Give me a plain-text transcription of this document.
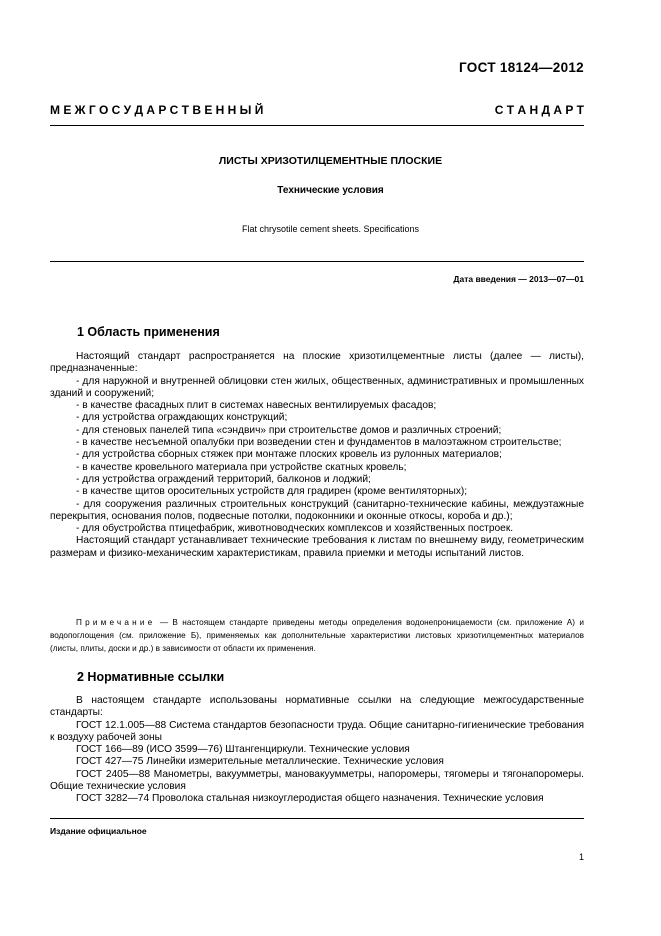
ГОСТ 18124—2012
М Е Ж Г О С У Д А Р С Т В Е Н Н Ы Й	С Т А Н Д А Р Т
ЛИСТЫ ХРИЗОТИЛЦЕМЕНТНЫЕ ПЛОСКИЕ
Технические условия
Flat chrysotile cement sheets. Specifications
Дата введения — 2013—07—01
1 Область применения

Настоящий стандарт распространяется на плоские хризотилцементные листы (далее — листы), предназначенные:

- для наружной и внутренней облицовки стен жилых, общественных, административных и промышленных зданий и сооружений;

- в качестве фасадных плит в системах навесных вентилируемых фасадов;

- для устройства ограждающих конструкций;

- для стеновых панелей типа «сэндвич» при строительстве домов и различных строений;

- в качестве несъемной опалубки при возведении стен и фундаментов в малоэтажном строительстве;

- для устройства сборных стяжек при монтаже плоских кровель из рулонных материалов;

- в качестве кровельного материала при устройстве скатных кровель;

- для устройства ограждений территорий, балконов и лоджий;

- в качестве щитов оросительных устройств для градирен (кроме вентиляторных);

- для сооружения различных строительных конструкций (санитарно-технические кабины, междуэтажные перекрытия, основания полов, подвесные потолки, подоконники и оконные откосы, короба и др.);

- для обустройства птицефабрик, животноводческих комплексов и хозяйственных построек.

Настоящий стандарт устанавливает технические требования к листам по внешнему виду, геометрическим размерам и физико-механическим характеристикам, правила приемки и методы испытаний листов.

Примечание — В настоящем стандарте приведены методы определения водонепроницаемости (см. приложение А) и водопоглощения (см. приложение Б), применяемых как дополнительные характеристики листовых хризотилцементных материалов (листы, плиты, доски и др.) в зависимости от области их применения.

2 Нормативные ссылки

В настоящем стандарте использованы нормативные ссылки на следующие межгосударственные стандарты:

ГОСТ 12.1.005—88 Система стандартов безопасности труда. Общие санитарно-гигиенические требования к воздуху рабочей зоны

ГОСТ 166—89 (ИСО 3599—76) Штангенциркули. Технические условия

ГОСТ 427—75 Линейки измерительные металлические. Технические условия

ГОСТ 2405—88 Манометры, вакуумметры, мановакуумметры, напоромеры, тягомеры и тягонапоромеры. Общие технические условия

ГОСТ 3282—74 Проволока стальная низкоуглеродистая общего назначения. Технические условия

Издание официальное
1
